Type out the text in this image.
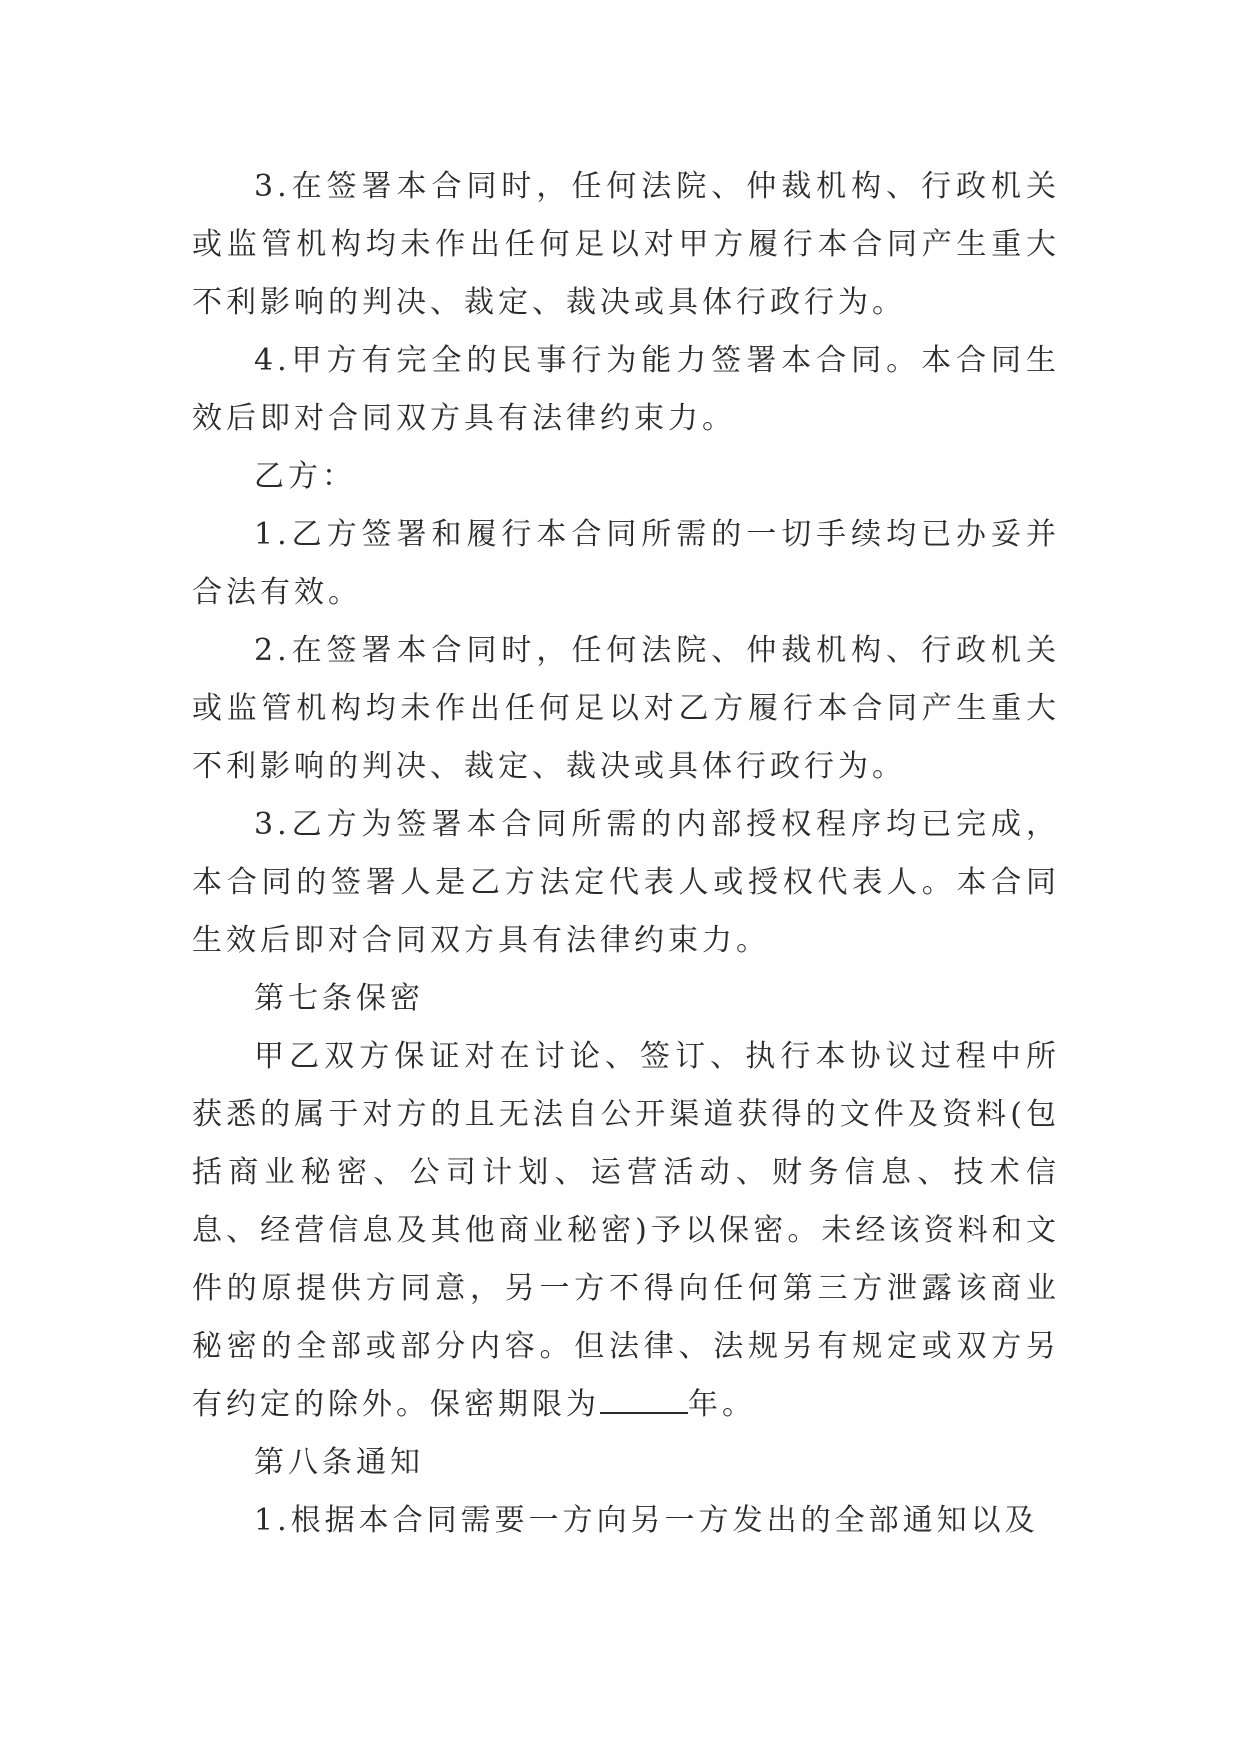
3.在签署本合同时，任何法院、仲裁机构、行政机关或监管机构均未作出任何足以对甲方履行本合同产生重大不利影响的判决、裁定、裁决或具体行政行为。

4.甲方有完全的民事行为能力签署本合同。本合同生效后即对合同双方具有法律约束力。

乙方：

1.乙方签署和履行本合同所需的一切手续均已办妥并合法有效。

2.在签署本合同时，任何法院、仲裁机构、行政机关或监管机构均未作出任何足以对乙方履行本合同产生重大不利影响的判决、裁定、裁决或具体行政行为。

3.乙方为签署本合同所需的内部授权程序均已完成，本合同的签署人是乙方法定代表人或授权代表人。本合同生效后即对合同双方具有法律约束力。

第七条保密

甲乙双方保证对在讨论、签订、执行本协议过程中所获悉的属于对方的且无法自公开渠道获得的文件及资料(包括商业秘密、公司计划、运营活动、财务信息、技术信息、经营信息及其他商业秘密)予以保密。未经该资料和文件的原提供方同意，另一方不得向任何第三方泄露该商业秘密的全部或部分内容。但法律、法规另有规定或双方另有约定的除外。保密期限为	年。

第八条通知

1.根据本合同需要一方向另一方发出的全部通知以及
